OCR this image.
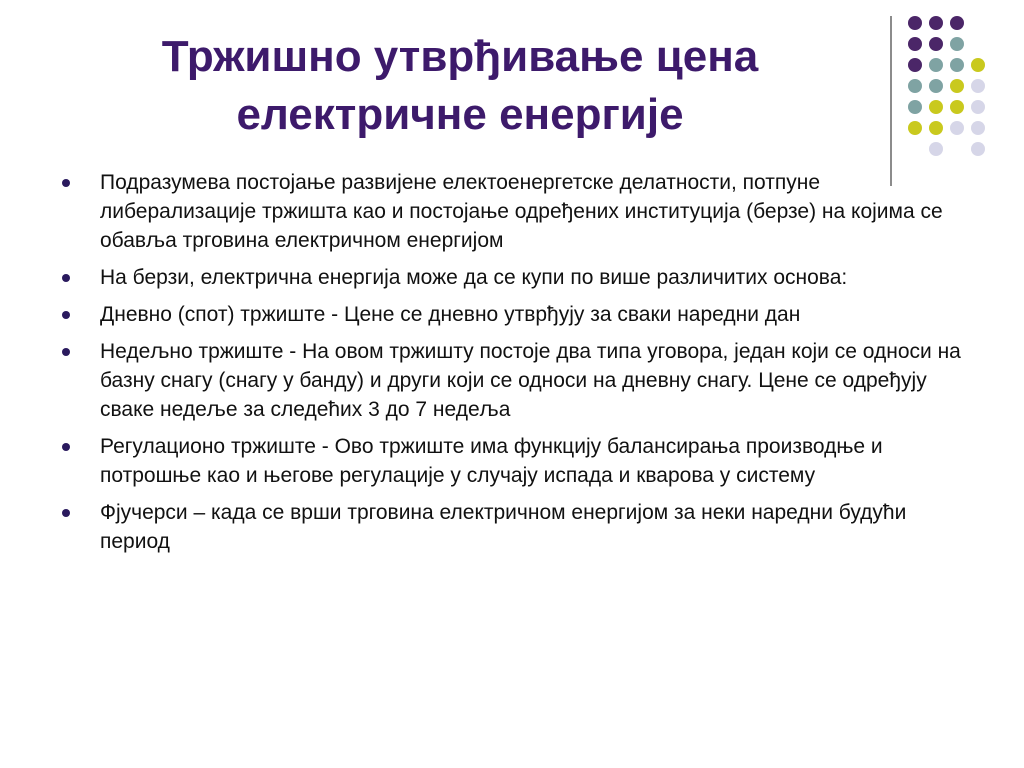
Тржишно утврђивање цена
електричне енергије
Подразумева постојање развијене електоенергетске делатности, потпуне либерализације тржишта као и постојање одређених институција (берзе) на којима се обавља трговина електричном енергијом
На берзи, електрична енергија може да се купи по више различитих основа:
Дневно (спот) тржиште - Цене се дневно утврђују за сваки наредни дан
Недељно тржиште - На овом тржишту постоје два типа уговора, један који се односи на базну снагу (снагу у банду) и други који се односи на дневну снагу. Цене се одређују сваке недеље за следећих 3 до 7 недеља
Регулационо тржиште - Ово тржиште има функцију балансирања производње и потрошње као и његове регулације у случају испада и кварова у систему
Фјучерси – када се врши трговина електричном енергијом за неки наредни будући период
